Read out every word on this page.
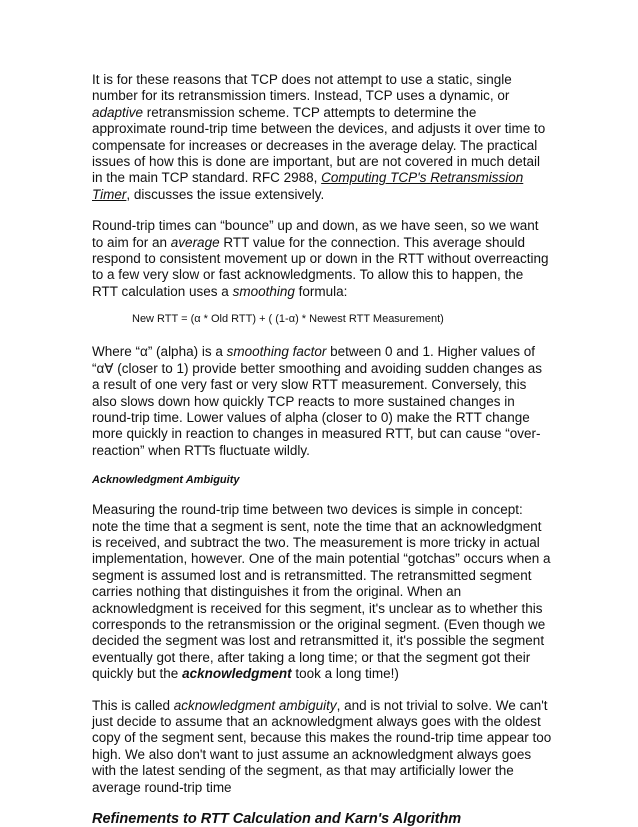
It is for these reasons that TCP does not attempt to use a static, single number for its retransmission timers. Instead, TCP uses a dynamic, or adaptive retransmission scheme. TCP attempts to determine the approximate round-trip time between the devices, and adjusts it over time to compensate for increases or decreases in the average delay. The practical issues of how this is done are important, but are not covered in much detail in the main TCP standard. RFC 2988, Computing TCP's Retransmission Timer, discusses the issue extensively.

Round-trip times can “bounce” up and down, as we have seen, so we want to aim for an average RTT value for the connection. This average should respond to consistent movement up or down in the RTT without overreacting to a few very slow or fast acknowledgments. To allow this to happen, the RTT calculation uses a smoothing formula:

New RTT = (α * Old RTT) + ( (1-α) * Newest RTT Measurement)

Where “α” (alpha) is a smoothing factor between 0 and 1. Higher values of “α∀ (closer to 1) provide better smoothing and avoiding sudden changes as a result of one very fast or very slow RTT measurement. Conversely, this also slows down how quickly TCP reacts to more sustained changes in round-trip time. Lower values of alpha (closer to 0) make the RTT change more quickly in reaction to changes in measured RTT, but can cause “over-reaction” when RTTs fluctuate wildly.

Acknowledgment Ambiguity

Measuring the round-trip time between two devices is simple in concept: note the time that a segment is sent, note the time that an acknowledgment is received, and subtract the two. The measurement is more tricky in actual implementation, however. One of the main potential “gotchas” occurs when a segment is assumed lost and is retransmitted. The retransmitted segment carries nothing that distinguishes it from the original. When an acknowledgment is received for this segment, it's unclear as to whether this corresponds to the retransmission or the original segment. (Even though we decided the segment was lost and retransmitted it, it's possible the segment eventually got there, after taking a long time; or that the segment got their quickly but the acknowledgment took a long time!)

This is called acknowledgment ambiguity, and is not trivial to solve. We can't just decide to assume that an acknowledgment always goes with the oldest copy of the segment sent, because this makes the round-trip time appear too high. We also don't want to just assume an acknowledgment always goes with the latest sending of the segment, as that may artificially lower the average round-trip time

Refinements to RTT Calculation and Karn's Algorithm
